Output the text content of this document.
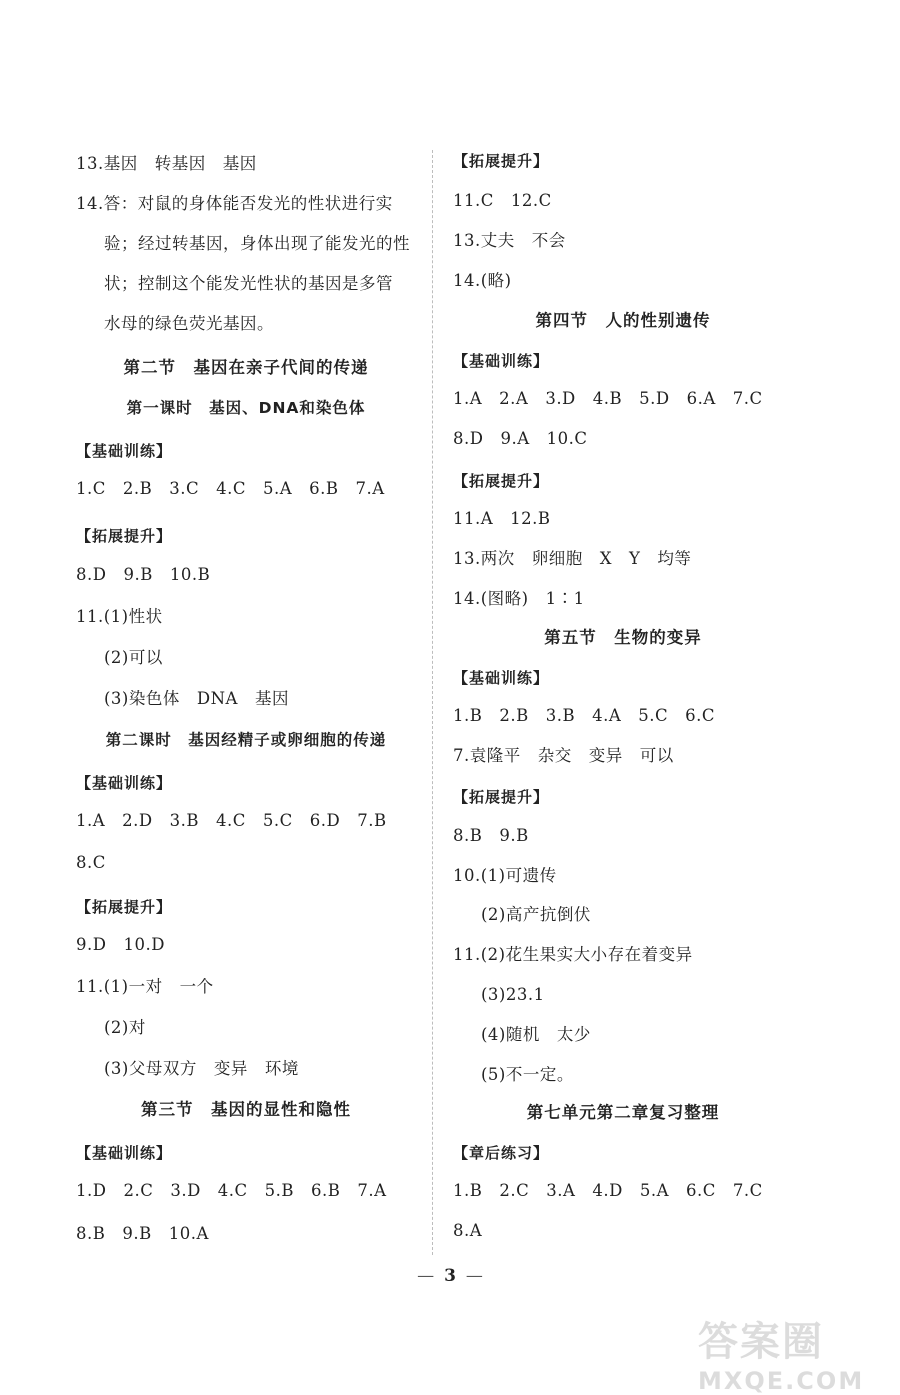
13.基因　转基因　基因
14.答：对鼠的身体能否发光的性状进行实
验；经过转基因，身体出现了能发光的性
状；控制这个能发光性状的基因是多管
水母的绿色荧光基因。
第二节　基因在亲子代间的传递
第一课时　基因、DNA和染色体
【基础训练】
1.C　2.B　3.C　4.C　5.A　6.B　7.A
【拓展提升】
8.D　9.B　10.B
11.(1)性状
(2)可以
(3)染色体　DNA　基因
第二课时　基因经精子或卵细胞的传递
【基础训练】
1.A　2.D　3.B　4.C　5.C　6.D　7.B
8.C
【拓展提升】
9.D　10.D
11.(1)一对　一个
(2)对
(3)父母双方　变异　环境
第三节　基因的显性和隐性
【基础训练】
1.D　2.C　3.D　4.C　5.B　6.B　7.A
8.B　9.B　10.A
【拓展提升】
11.C　12.C
13.丈夫　不会
14.(略)
第四节　人的性别遗传
【基础训练】
1.A　2.A　3.D　4.B　5.D　6.A　7.C
8.D　9.A　10.C
【拓展提升】
11.A　12.B
13.两次　卵细胞　X　Y　均等
14.(图略)　1∶1
第五节　生物的变异
【基础训练】
1.B　2.B　3.B　4.A　5.C　6.C
7.袁隆平　杂交　变异　可以
【拓展提升】
8.B　9.B
10.(1)可遗传
(2)高产抗倒伏
11.(2)花生果实大小存在着变异
(3)23.1
(4)随机　太少
(5)不一定。
第七单元第二章复习整理
【章后练习】
1.B　2.C　3.A　4.D　5.A　6.C　7.C
8.A
— 3 —
答案圈
MXQE.COM
